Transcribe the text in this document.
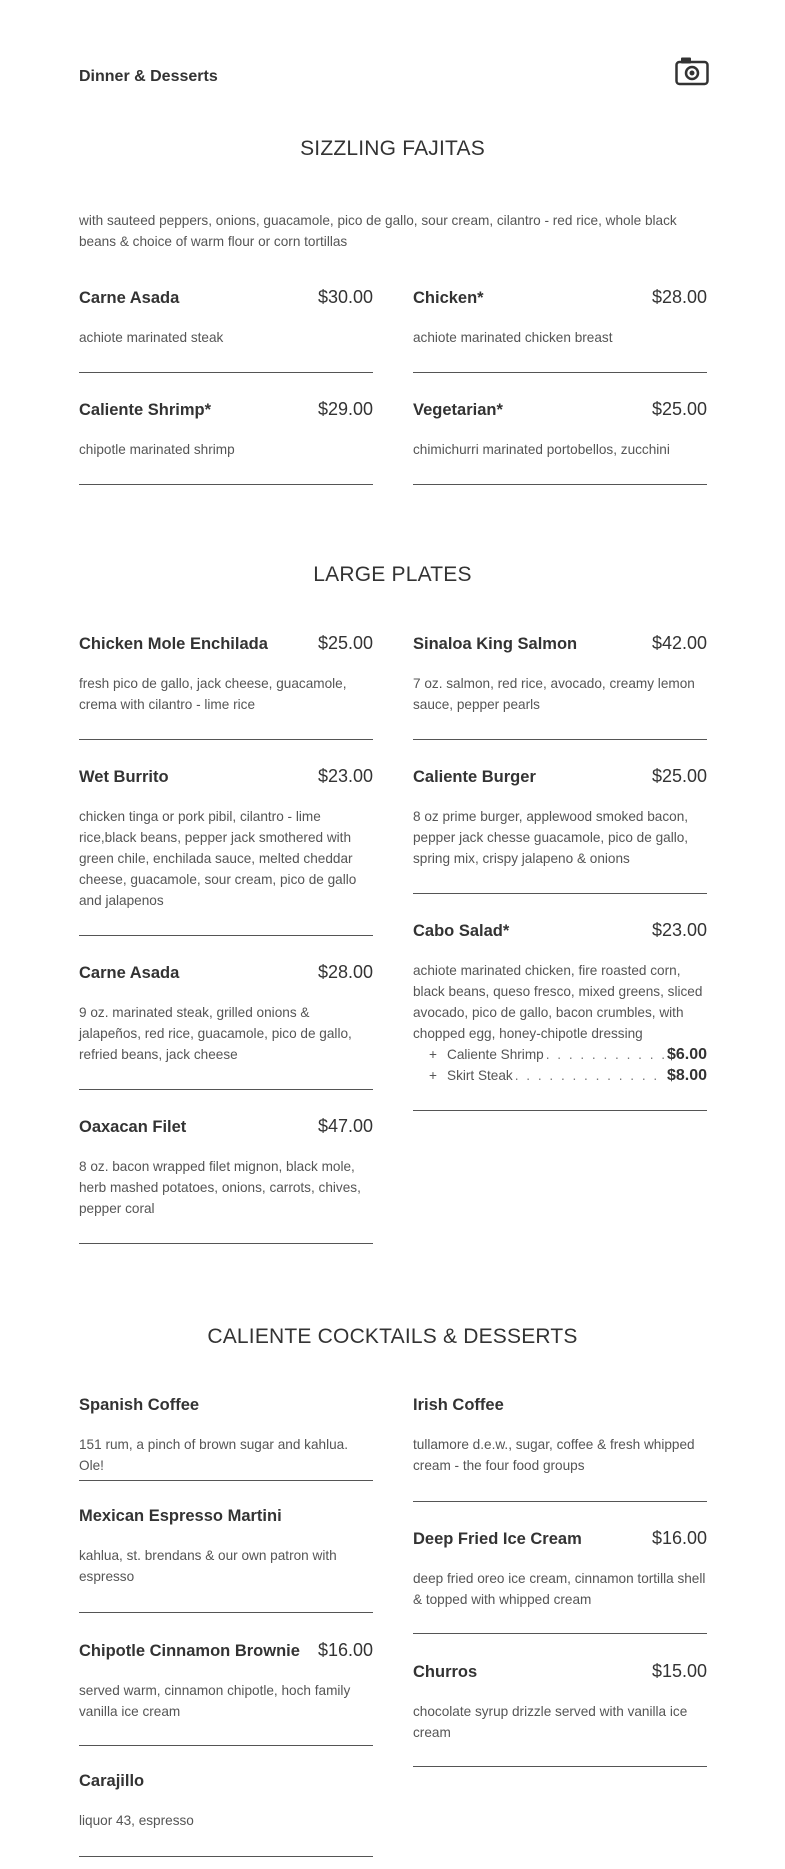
Dinner & Desserts
SIZZLING FAJITAS
with sauteed peppers, onions, guacamole, pico de gallo, sour cream, cilantro - red rice, whole black beans & choice of warm flour or corn tortillas
Carne Asada	$30.00
achiote marinated steak
Chicken*	$28.00
achiote marinated chicken breast
Caliente Shrimp*	$29.00
chipotle marinated shrimp
Vegetarian*	$25.00
chimichurri marinated portobellos, zucchini
LARGE PLATES
Chicken Mole Enchilada	$25.00
fresh pico de gallo, jack cheese, guacamole, crema with cilantro - lime rice
Sinaloa King Salmon	$42.00
7 oz. salmon, red rice, avocado, creamy lemon sauce, pepper pearls
Wet Burrito	$23.00
chicken tinga or pork pibil, cilantro - lime rice,black beans, pepper jack smothered with green chile, enchilada sauce, melted cheddar cheese, guacamole, sour cream, pico de gallo and jalapenos
Caliente Burger	$25.00
8 oz prime burger, applewood smoked bacon, pepper jack chesse guacamole, pico de gallo, spring mix, crispy jalapeno & onions
Carne Asada	$28.00
9 oz. marinated steak, grilled onions & jalapeños, red rice, guacamole, pico de gallo, refried beans, jack cheese
Cabo Salad*	$23.00
achiote marinated chicken, fire roasted corn, black beans, queso fresco, mixed greens, sliced avocado, pico de gallo, bacon crumbles, with chopped egg, honey-chipotle dressing
+ Caliente Shrimp . . .	$6.00
+ Skirt Steak . . .	$8.00
Oaxacan Filet	$47.00
8 oz. bacon wrapped filet mignon, black mole, herb mashed potatoes, onions, carrots, chives, pepper coral
CALIENTE COCKTAILS & DESSERTS
Spanish Coffee
151 rum, a pinch of brown sugar and kahlua. Ole!
Irish Coffee
tullamore d.e.w., sugar, coffee & fresh whipped cream - the four food groups
Mexican Espresso Martini
kahlua, st. brendans & our own patron with espresso
Deep Fried Ice Cream	$16.00
deep fried oreo ice cream, cinnamon tortilla shell & topped with whipped cream
Chipotle Cinnamon Brownie $16.00
served warm, cinnamon chipotle, hoch family vanilla ice cream
Churros	$15.00
chocolate syrup drizzle served with vanilla ice cream
Carajillo
liquor 43, espresso
